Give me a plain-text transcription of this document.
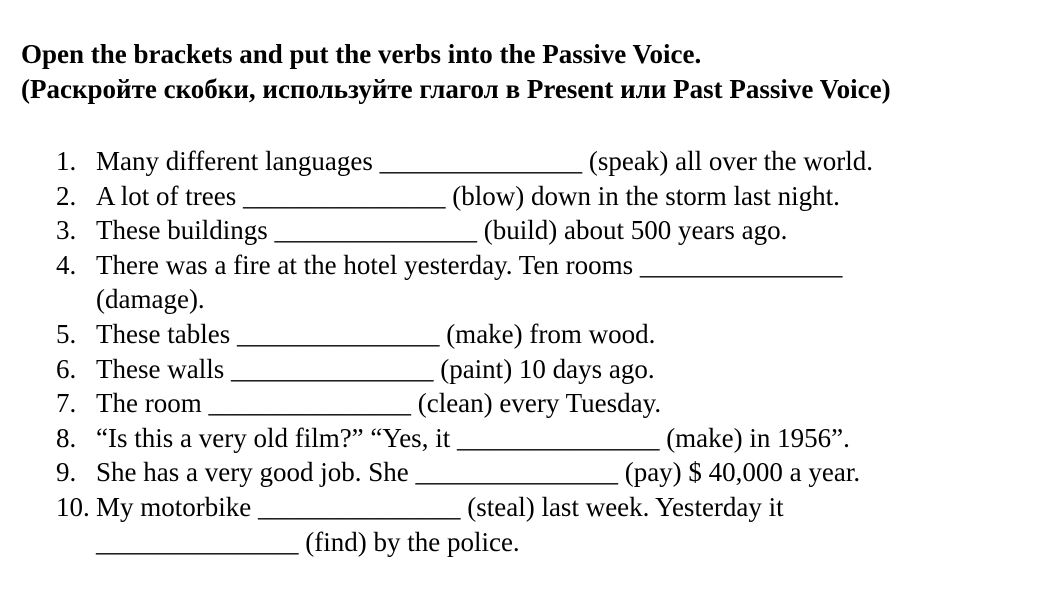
Open the brackets and put the verbs into the Passive Voice.
(Раскройте скобки, используйте глагол в Present или Past Passive Voice)
1. Many different languages _______________ (speak) all over the world.
2. A lot of trees _______________ (blow) down in the storm last night.
3. These buildings _______________ (build) about 500 years ago.
4. There was a fire at the hotel yesterday. Ten rooms _______________
(damage).
5. These tables _______________ (make) from wood.
6. These walls _______________ (paint) 10 days ago.
7. The room _______________ (clean) every Tuesday.
8. “Is this a very old film?” “Yes, it _______________ (make) in 1956”.
9. She has a very good job. She _______________ (pay) $ 40,000 a year.
10. My motorbike _______________ (steal) last week. Yesterday it
_______________ (find) by the police.
